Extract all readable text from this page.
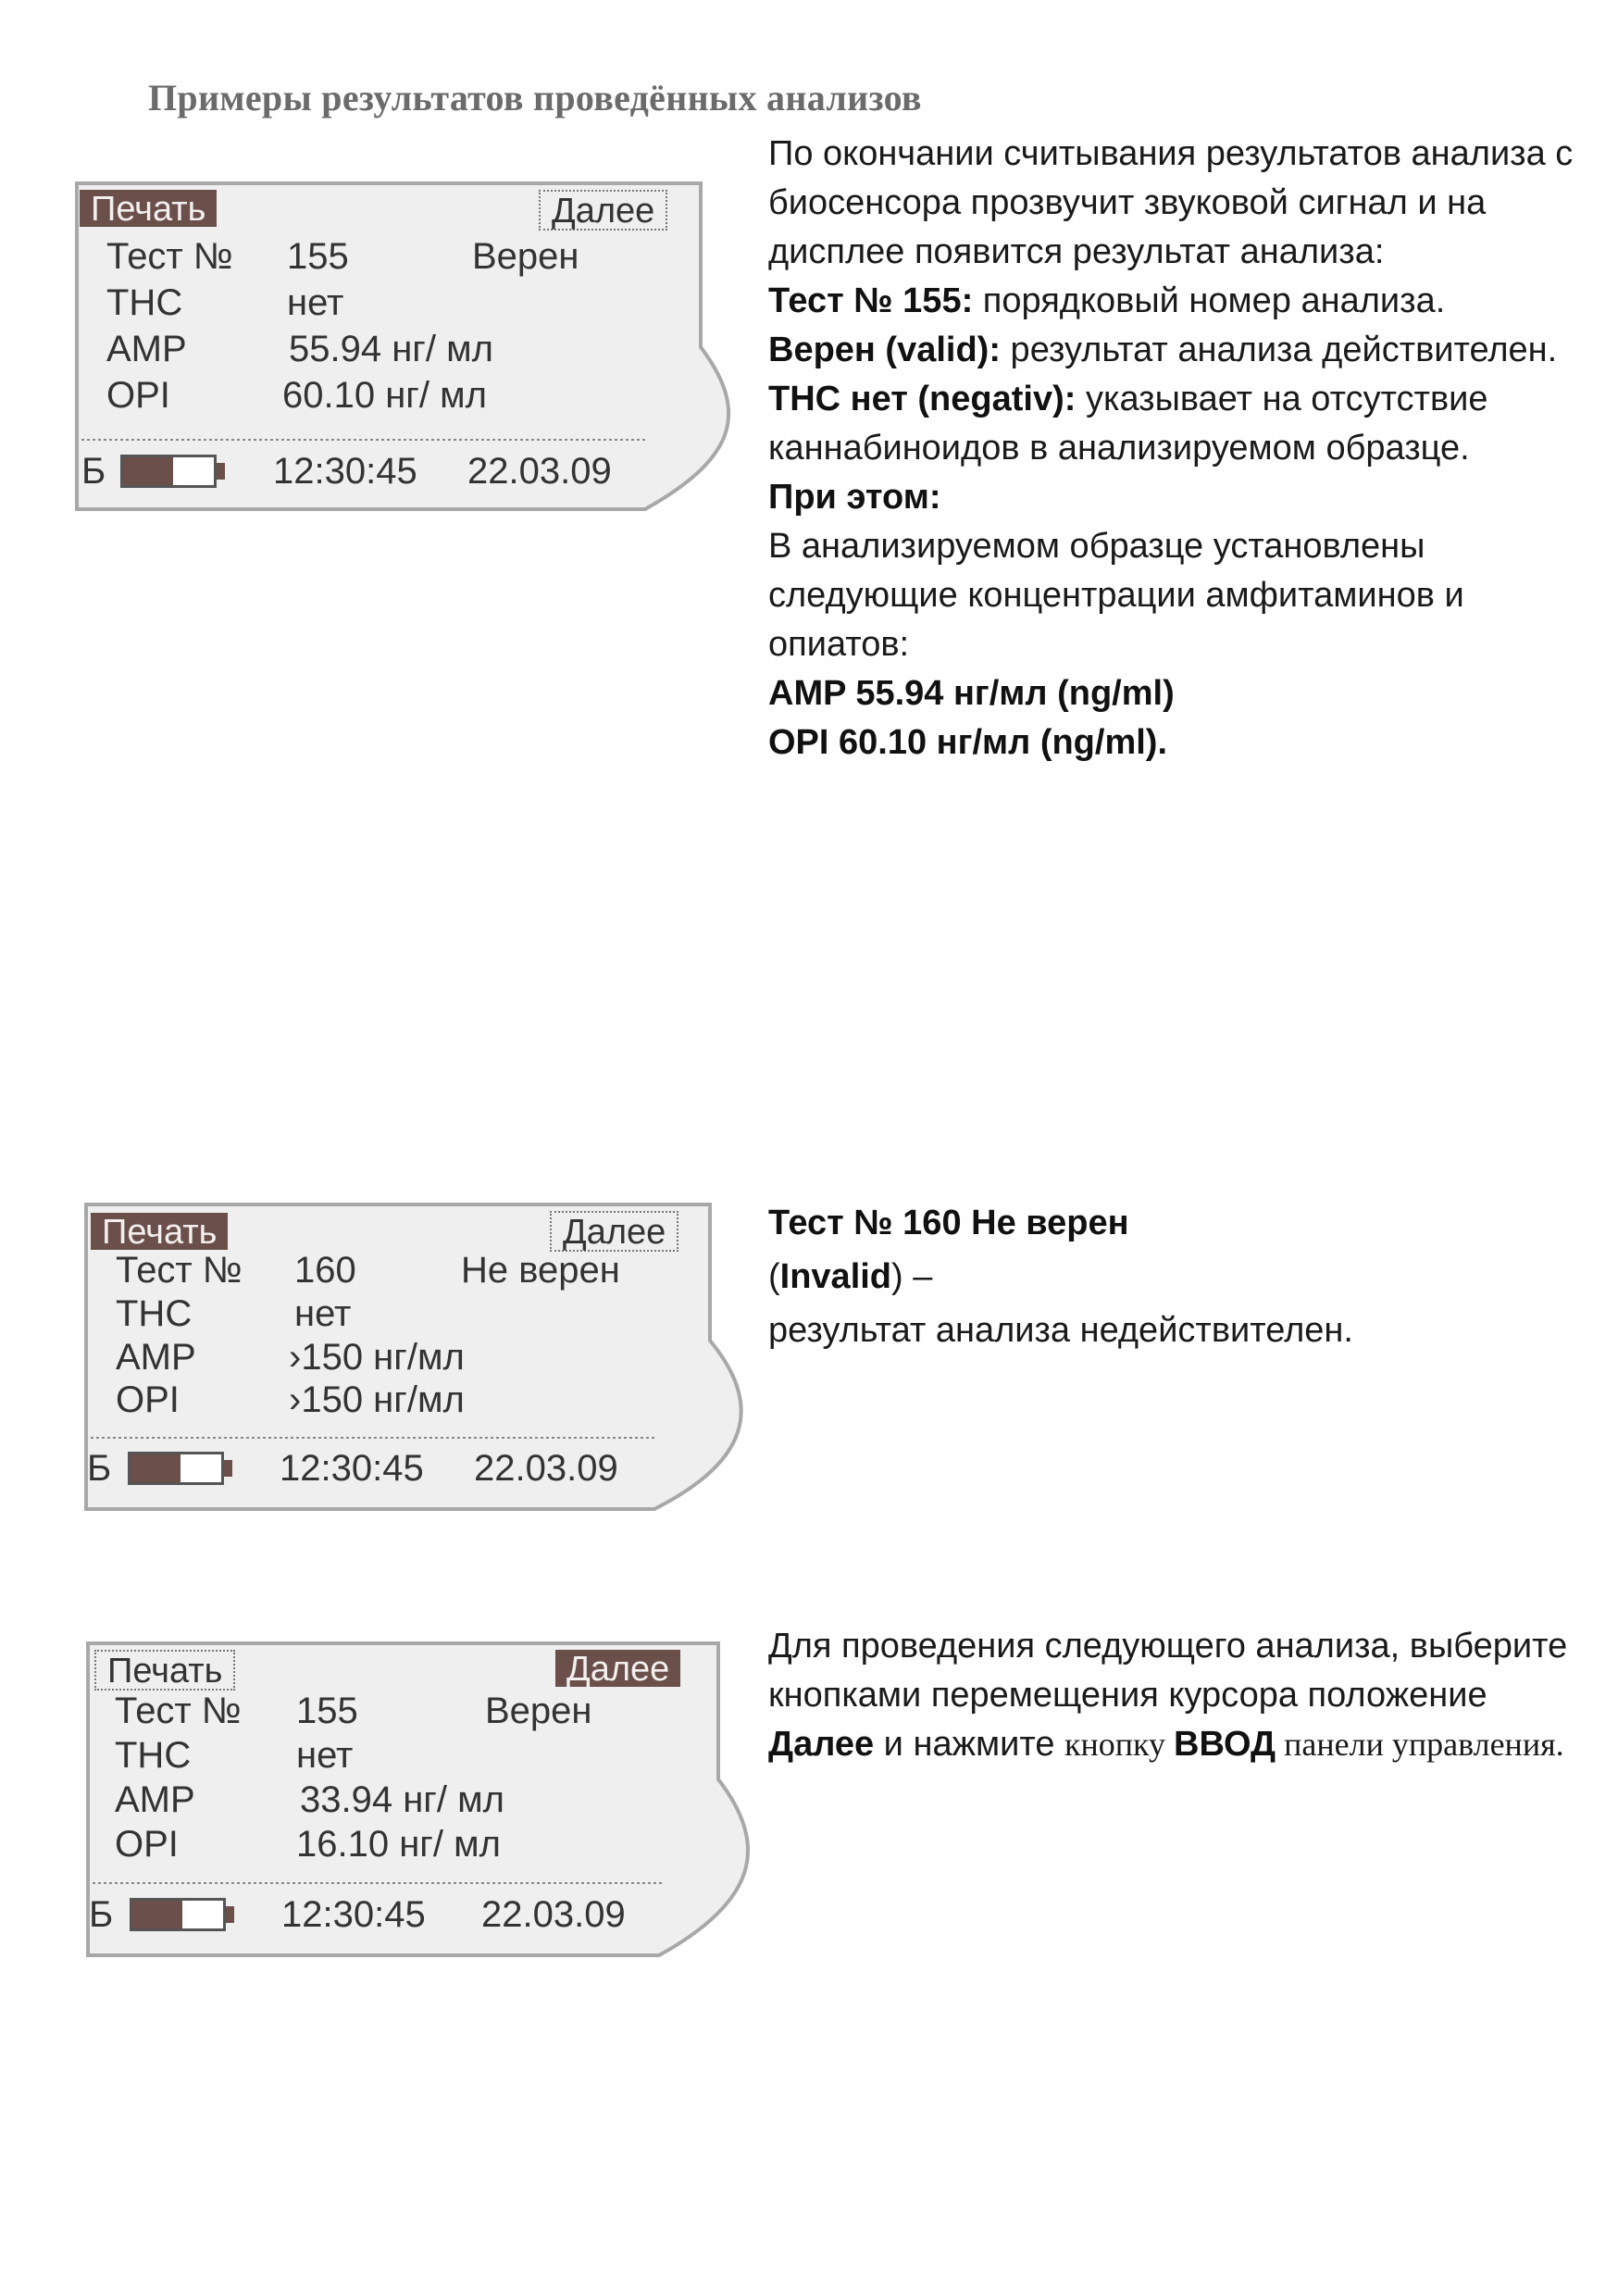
Примеры результатов проведённых анализов
Печать	Далее
Тест № 155	Верен
THC	нет
AMP	55.94 нг/ мл
OPI	60.10 нг/ мл
Б	12:30:45 22.03.09
Печать	Далее
Тест № 160	Не верен
THC	нет
AMP	›150 нг/мл
OPI	›150 нг/мл
Б	12:30:45 22.03.09
Печать	Далее
Тест № 155	Верен
THC	нет
AMP	33.94 нг/ мл
OPI	16.10 нг/ мл
Б	12:30:45 22.03.09

По окончании считывания результатов анализа с биосенсора прозвучит звуковой сигнал и на дисплее появится результат анализа:

Тест № 155: порядковый номер анализа.

Верен (valid): результат анализа действителен.

ТНС нет (negativ): указывает на отсутствие каннабиноидов в анализируемом образце.

При этом:

В анализируемом образце установлены следующие концентрации амфитаминов и опиатов:

AMP 55.94 нг/мл (ng/ml)

OPI 60.10 нг/мл (ng/ml).

Тест № 160 Не верен

(Invalid) –

результат анализа недействителен.

Для проведения следующего анализа, выберите кнопками перемещения курсора положение Далее и нажмите кнопку ВВОД панели управления.
